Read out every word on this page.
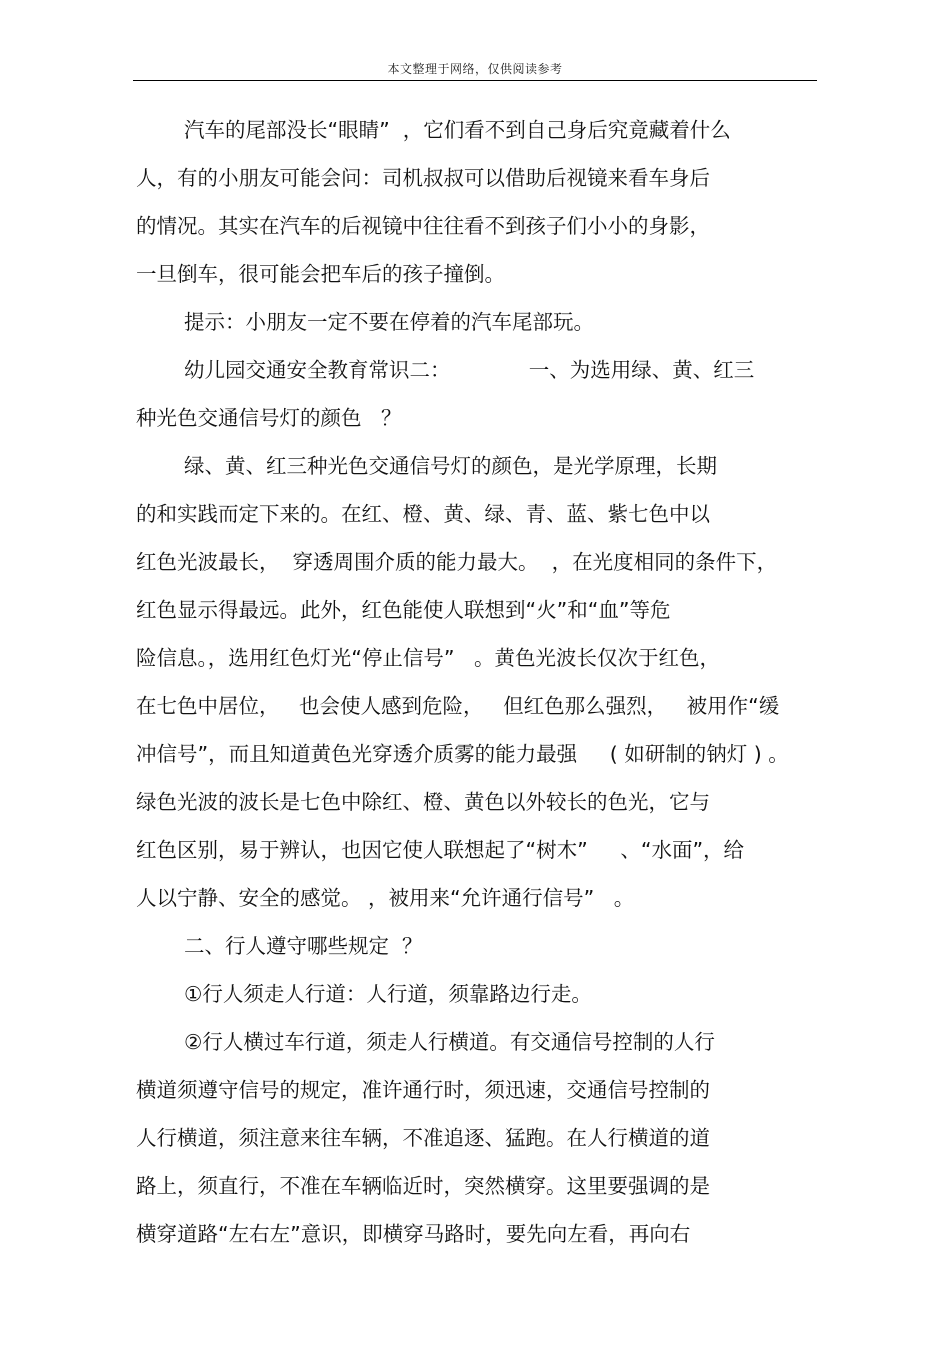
本文整理于网络，仅供阅读参考
汽车的尾部没长“眼睛”  ，它们看不到自己身后究竟藏着什么
人，有的小朋友可能会问：司机叔叔可以借助后视镜来看车身后
的情况。其实在汽车的后视镜中往往看不到孩子们小小的身影，
一旦倒车，很可能会把车后的孩子撞倒。
提示：小朋友一定不要在停着的汽车尾部玩。
幼儿园交通安全教育常识二：            一、为选用绿、黄、红三
种光色交通信号灯的颜色   ？
绿、黄、红三种光色交通信号灯的颜色，是光学原理，长期
的和实践而定下来的。在红、橙、黄、绿、青、蓝、紫七色中以
红色光波最长，  穿透周围介质的能力最大。  ，在光度相同的条件下，
红色显示得最远。此外，红色能使人联想到“火”和“血”等危
险信息。，选用红色灯光“停止信号”   。黄色光波长仅次于红色，
在七色中居位，   也会使人感到危险，   但红色那么强烈，   被用作“缓
冲信号”，而且知道黄色光穿透介质雾的能力最强     ( 如研制的钠灯 ) 。
绿色光波的波长是七色中除红、橙、黄色以外较长的色光，它与
红色区别，易于辨认，也因它使人联想起了“树木”     、“水面”，给
人以宁静、安全的感觉。 ，被用来“允许通行信号”   。
二、行人遵守哪些规定  ？
①行人须走人行道：人行道，须靠路边行走。
②行人横过车行道，须走人行横道。有交通信号控制的人行
横道须遵守信号的规定，准许通行时，须迅速，交通信号控制的
人行横道，须注意来往车辆，不准追逐、猛跑。在人行横道的道
路上，须直行，不准在车辆临近时，突然横穿。这里要强调的是
横穿道路“左右左”意识，即横穿马路时，要先向左看，再向右
